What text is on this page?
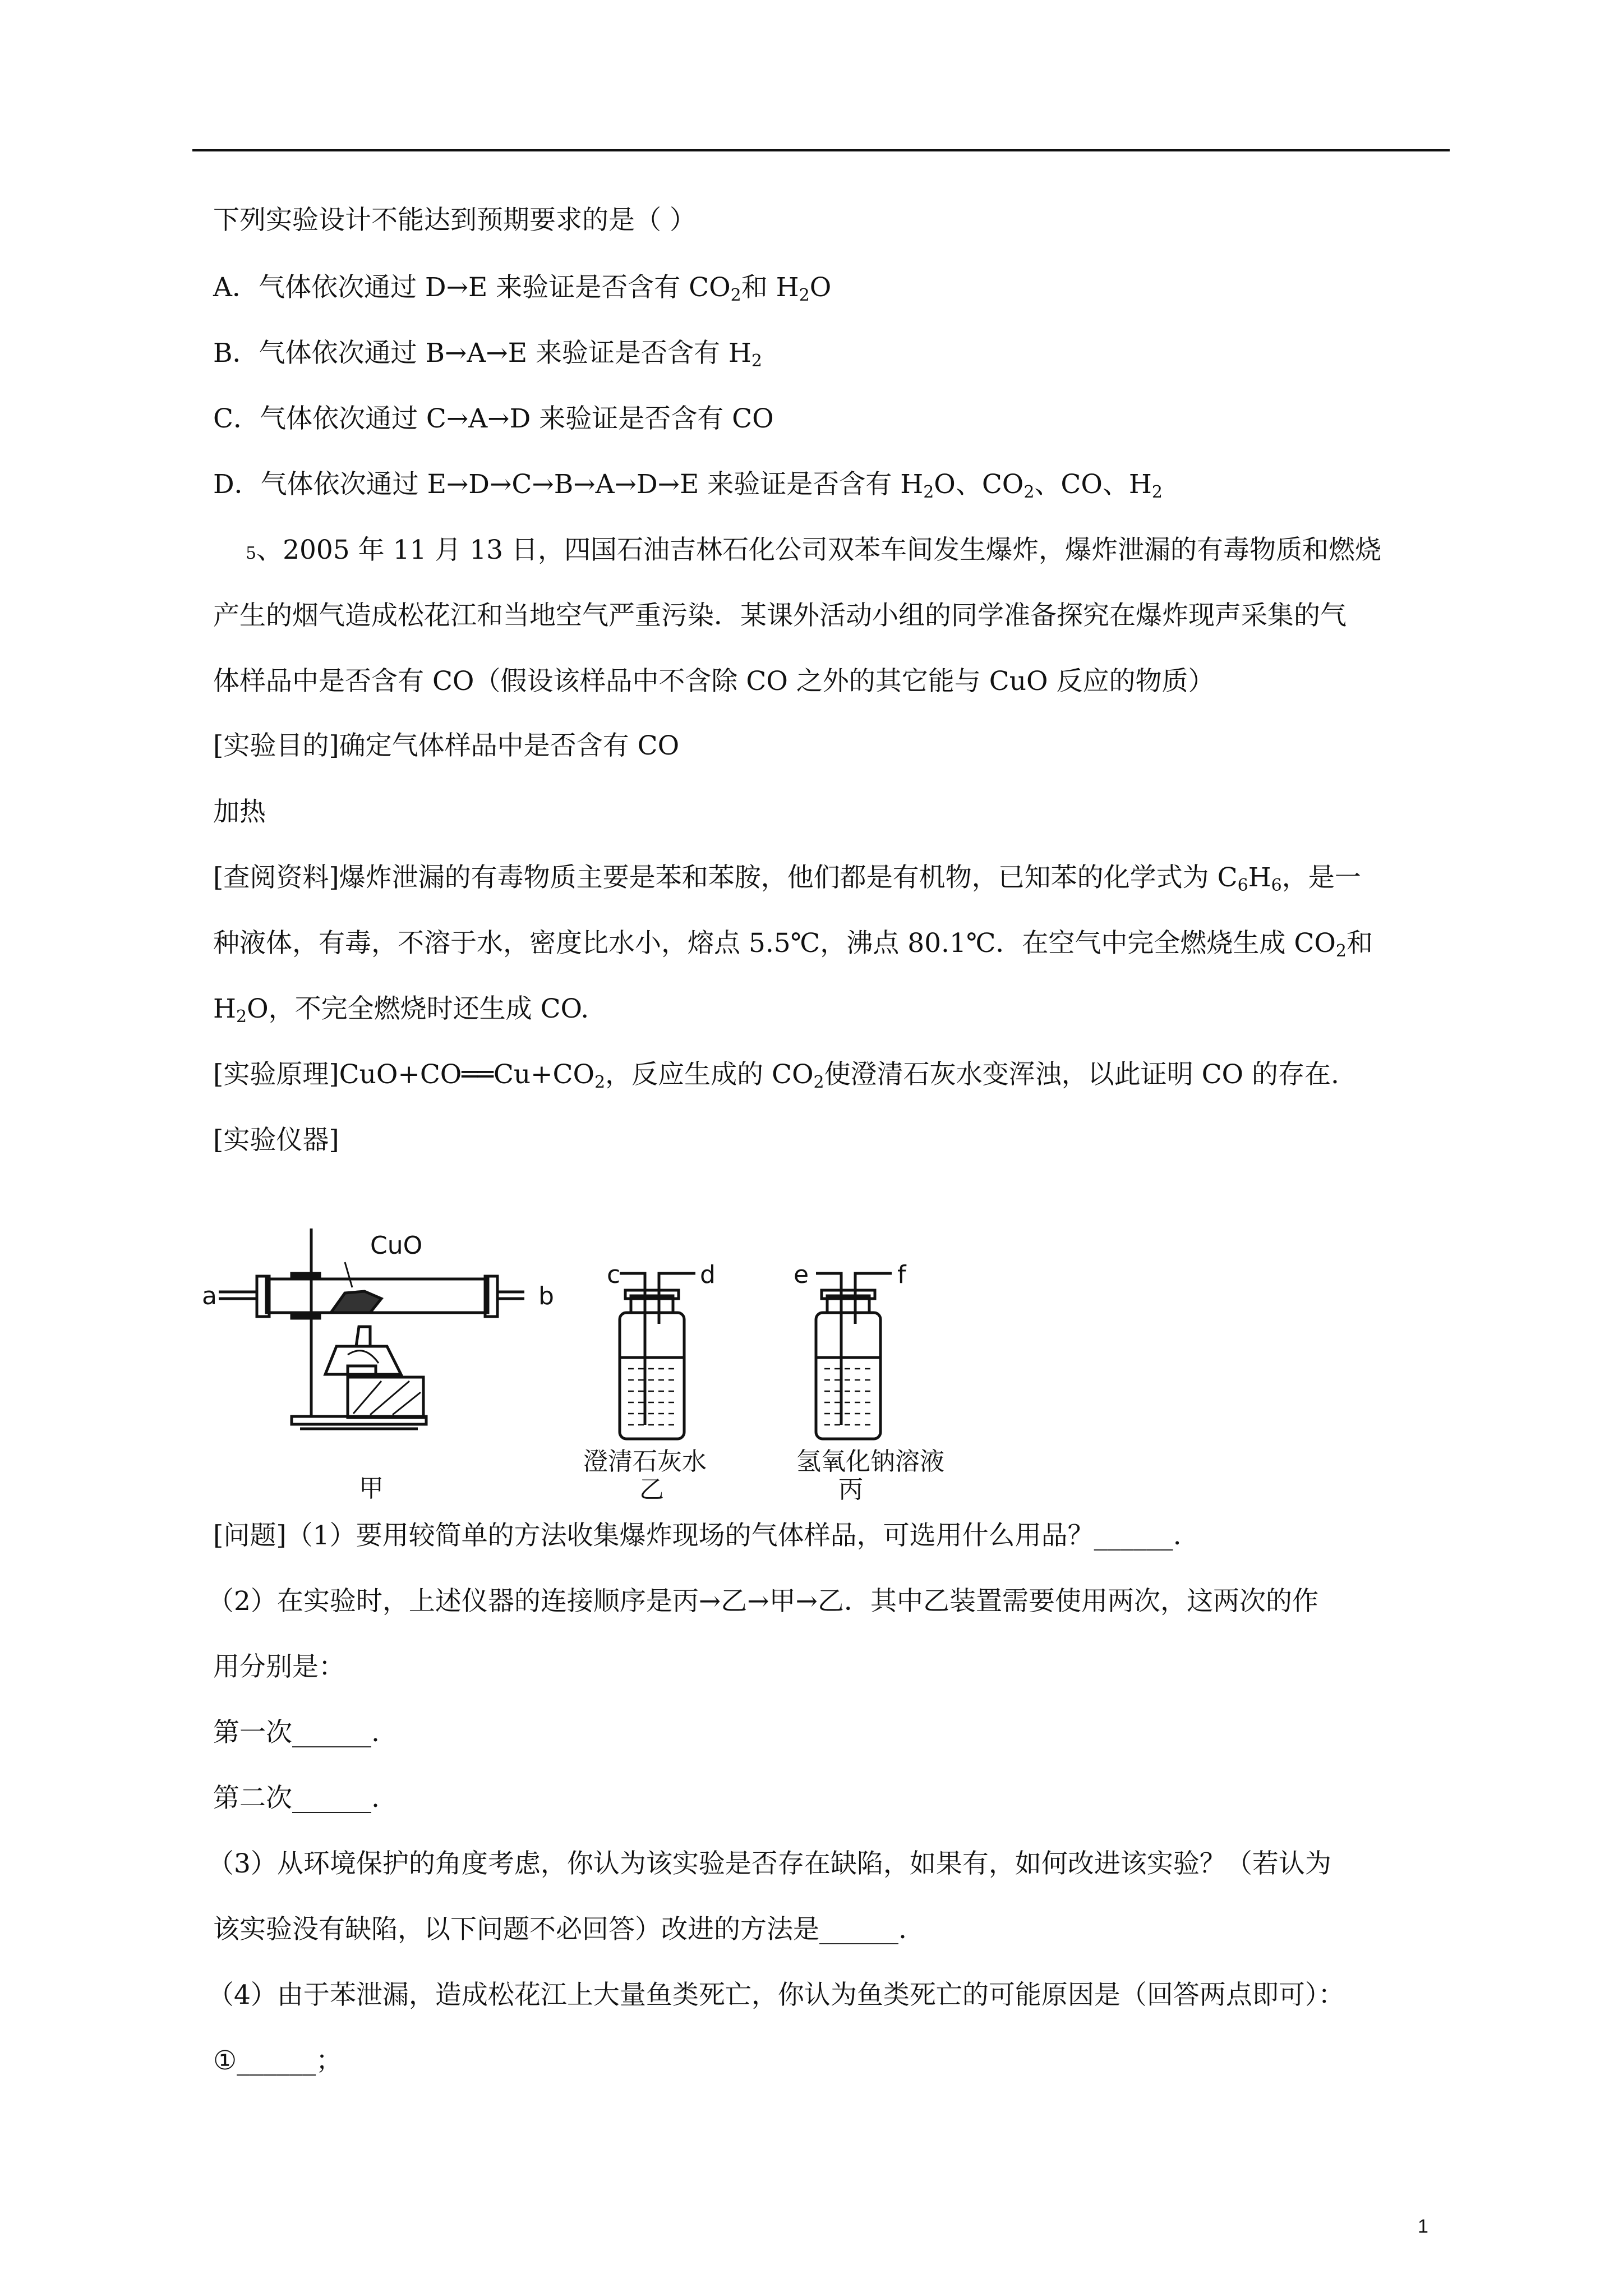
下列实验设计不能达到预期要求的是（ ）
A．气体依次通过 D→E 来验证是否含有 $CO_2$和 $H_2O$
B．气体依次通过 B→A→E 来验证是否含有 $H_2$
C．气体依次通过 C→A→D 来验证是否含有 CO
D．气体依次通过 E→D→C→B→A→D→E 来验证是否含有 $H_2O$、$CO_2$、CO、$H_2$
5、2005 年 11 月 13 日，四国石油吉林石化公司双苯车间发生爆炸，爆炸泄漏的有毒物质和燃烧
产生的烟气造成松花江和当地空气严重污染．某课外活动小组的同学准备探究在爆炸现声采集的气
体样品中是否含有 CO（假设该样品中不含除 CO 之外的其它能与 CuO 反应的物质）
[实验目的]确定气体样品中是否含有 CO
加热
[查阅资料]爆炸泄漏的有毒物质主要是苯和苯胺，他们都是有机物，已知苯的化学式为 $C_6H_6$，是一
种液体，有毒，不溶于水，密度比水小，熔点 5.5℃，沸点 80.1℃．在空气中完全燃烧生成 $CO_2$和
$H_2O$，不完全燃烧时还生成 CO.
[实验原理]$CuO+CO══Cu+CO_2$，反应生成的 $CO_2$使澄清石灰水变浑浊，以此证明 CO 的存在.
[实验仪器]
CuO
a	b
c	d	e	f
澄清石灰水
乙
氢氧化钠溶液
丙
甲
[问题]（1）要用较简单的方法收集爆炸现场的气体样品，可选用什么用品？______.
（2）在实验时，上述仪器的连接顺序是丙→乙→甲→乙．其中乙装置需要使用两次，这两次的作
用分别是：
第一次______.
第二次______.
（3）从环境保护的角度考虑，你认为该实验是否存在缺陷，如果有，如何改进该实验？（若认为
该实验没有缺陷，以下问题不必回答）改进的方法是______.
（4）由于苯泄漏，造成松花江上大量鱼类死亡，你认为鱼类死亡的可能原因是（回答两点即可）：
①______；
1
